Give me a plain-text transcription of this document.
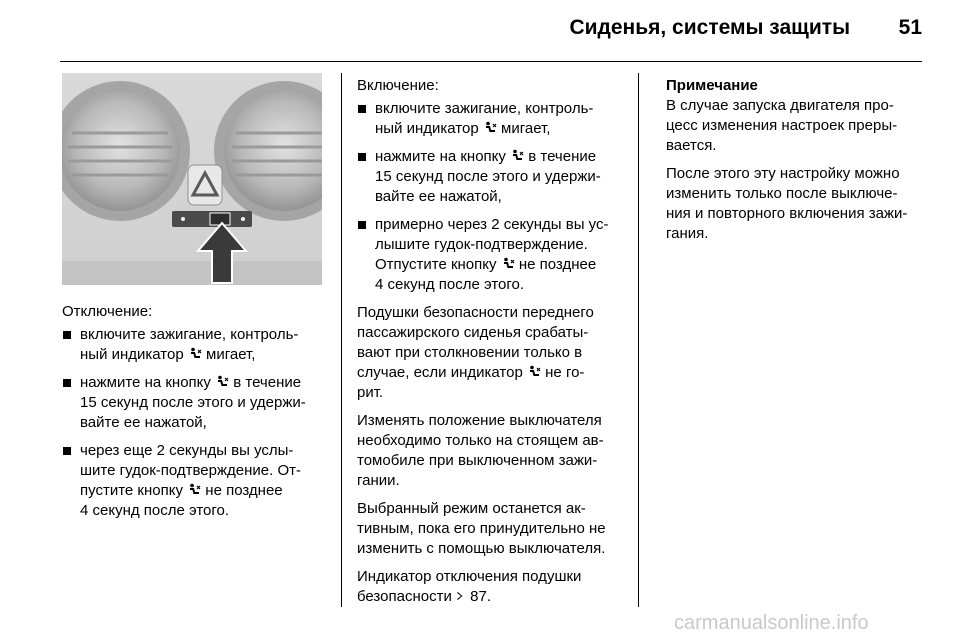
Сиденья, системы защиты	51

Отключение:

включите зажигание, контроль-
ный индикатор  мигает,
нажмите на кнопку  в течение
15 секунд после этого и удержи-
вайте ее нажатой,
через еще 2 секунды вы услы-
шите гудок-подтверждение. От-
пустите кнопку  не позднее
4 секунд после этого.

Включение:

включите зажигание, контроль-
ный индикатор  мигает,
нажмите на кнопку  в течение
15 секунд после этого и удержи-
вайте ее нажатой,
примерно через 2 секунды вы ус-
лышите гудок-подтверждение.
Отпустите кнопку  не позднее
4 секунд после этого.

Подушки безопасности переднего
пассажирского сиденья срабаты-
вают при столкновении только в
случае, если индикатор  не го-
рит.

Изменять положение выключателя
необходимо только на стоящем ав-
томобиле при выключенном зажи-
гании.

Выбранный режим останется ак-
тивным, пока его принудительно не
изменить с помощью выключателя.

Индикатор отключения подушки
безопасности  87.

Примечание

В случае запуска двигателя про-
цесс изменения настроек преры-
вается.

После этого эту настройку можно
изменить только после выключе-
ния и повторного включения зажи-
гания.

carmanualsonline.info
